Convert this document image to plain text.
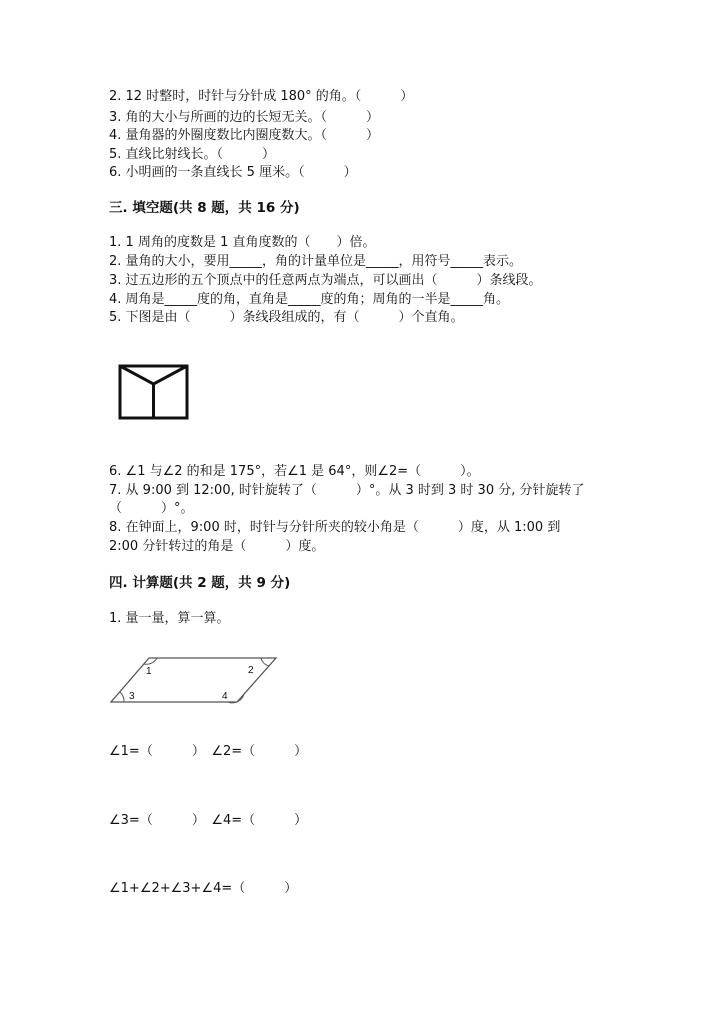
2. 12 时整时，时针与分针成 180° 的角。（　　　）
3. 角的大小与所画的边的长短无关。（　　　）
4. 量角器的外圈度数比内圈度数大。（　　　）
5. 直线比射线长。（　　　）
6. 小明画的一条直线长 5 厘米。（　　　）
三. 填空题(共 8 题，共 16 分)
1. 1 周角的度数是 1 直角度数的（　　）倍。
2. 量角的大小，要用_____，角的计量单位是_____，用符号_____表示。
3. 过五边形的五个顶点中的任意两点为端点，可以画出（　　　）条线段。
4. 周角是_____度的角，直角是_____度的角；周角的一半是_____角。
5. 下图是由（　　　）条线段组成的，有（　　　）个直角。
6. ∠1 与∠2 的和是 175°，若∠1 是 64°，则∠2=（　　　）。
7. 从 9:00 到 12:00, 时针旋转了（　　　）°。从 3 时到 3 时 30 分, 分针旋转了
（　　　）°。
8. 在钟面上，9:00 时，时针与分针所夹的较小角是（　　　）度，从 1:00 到
2:00 分针转过的角是（　　　）度。
四. 计算题(共 2 题，共 9 分)
1. 量一量，算一算。
1	2
3	4
∠1=（　　　）　∠2=（　　　）
∠3=（　　　）　∠4=（　　　）
∠1+∠2+∠3+∠4=（　　　）
